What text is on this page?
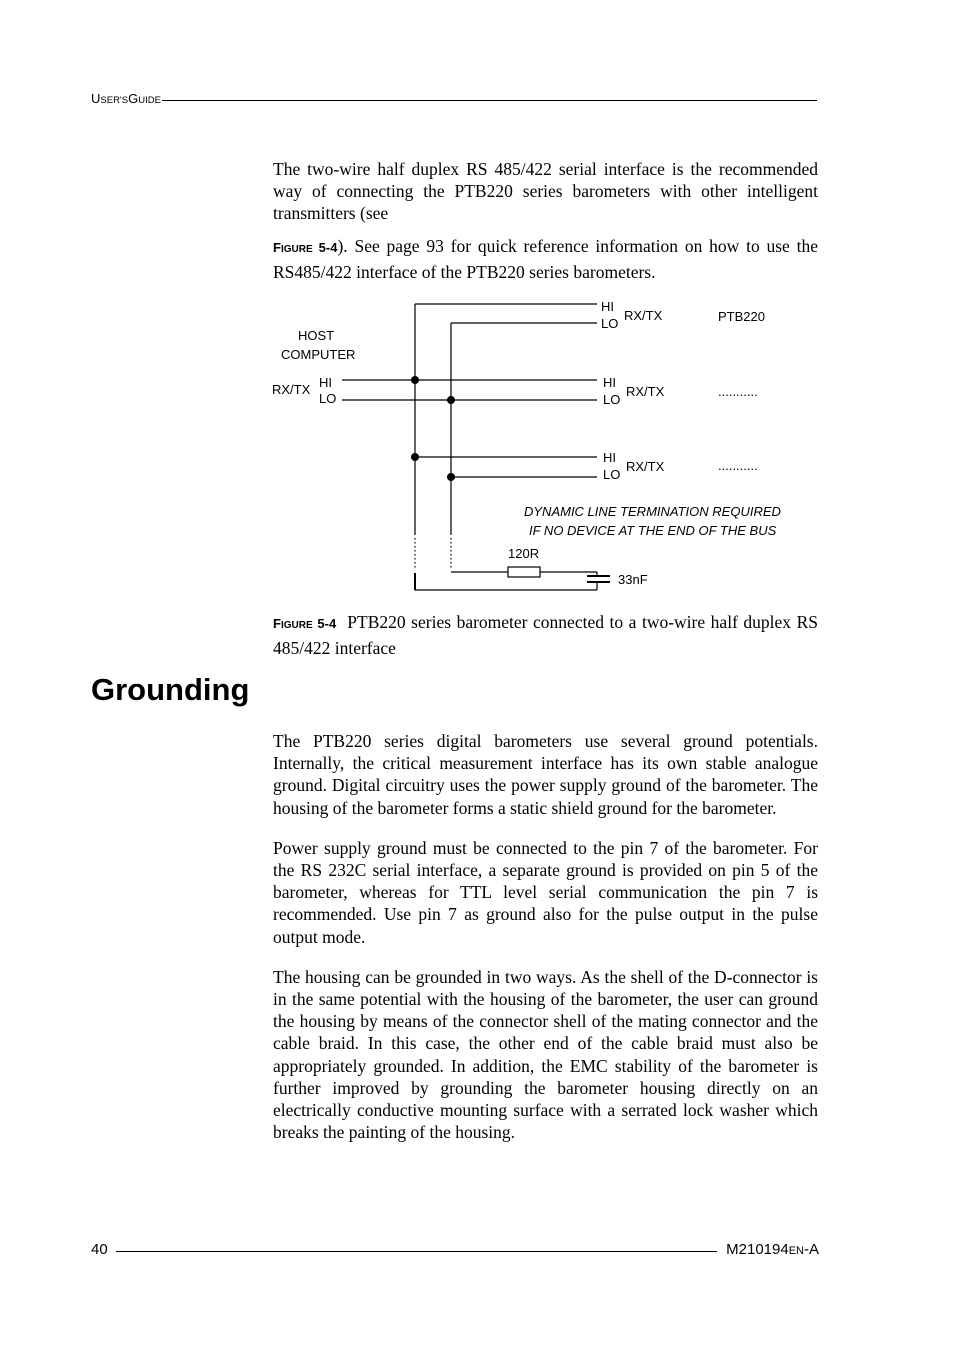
U SER'S G UIDE

The two-wire half duplex RS 485/422 serial interface is the recommended way of connecting the PTB220 series barometers with other intelligent transmitters (see

FIGURE 5-4). See page 93 for quick reference information on how to use the RS485/422 interface of the PTB220 series barometers.

HOST
COMPUTER
RX/TX HI
LO
HI
LO
RX/TX	PTB220
HI
LO
RX/TX	...........
HI
LO
RX/TX	...........
DYNAMIC LINE TERMINATION REQUIRED
IF NO DEVICE AT THE END OF THE BUS
120R
33nF
FIGURE 5-4 PTB220 series barometer connected to a two-wire half duplex RS 485/422 interface
Grounding

The PTB220 series digital barometers use several ground potentials. Internally, the critical measurement interface has its own stable analogue ground. Digital circuitry uses the power supply ground of the barometer. The housing of the barometer forms a static shield ground for the barometer.

Power supply ground must be connected to the pin 7 of the barometer. For the RS 232C serial interface, a separate ground is provided on pin 5 of the barometer, whereas for TTL level serial communication the pin 7 is recommended. Use pin 7 as ground also for the pulse output in the pulse output mode.

The housing can be grounded in two ways. As the shell of the D-connector is in the same potential with the housing of the barometer, the user can ground the housing by means of the connector shell of the mating connector and the cable braid. In this case, the other end of the cable braid must also be appropriately grounded. In addition, the EMC stability of the barometer is further improved by grounding the barometer housing directly on an electrically conductive mounting surface with a serrated lock washer which breaks the painting of the housing.

40	M210194 EN -A
